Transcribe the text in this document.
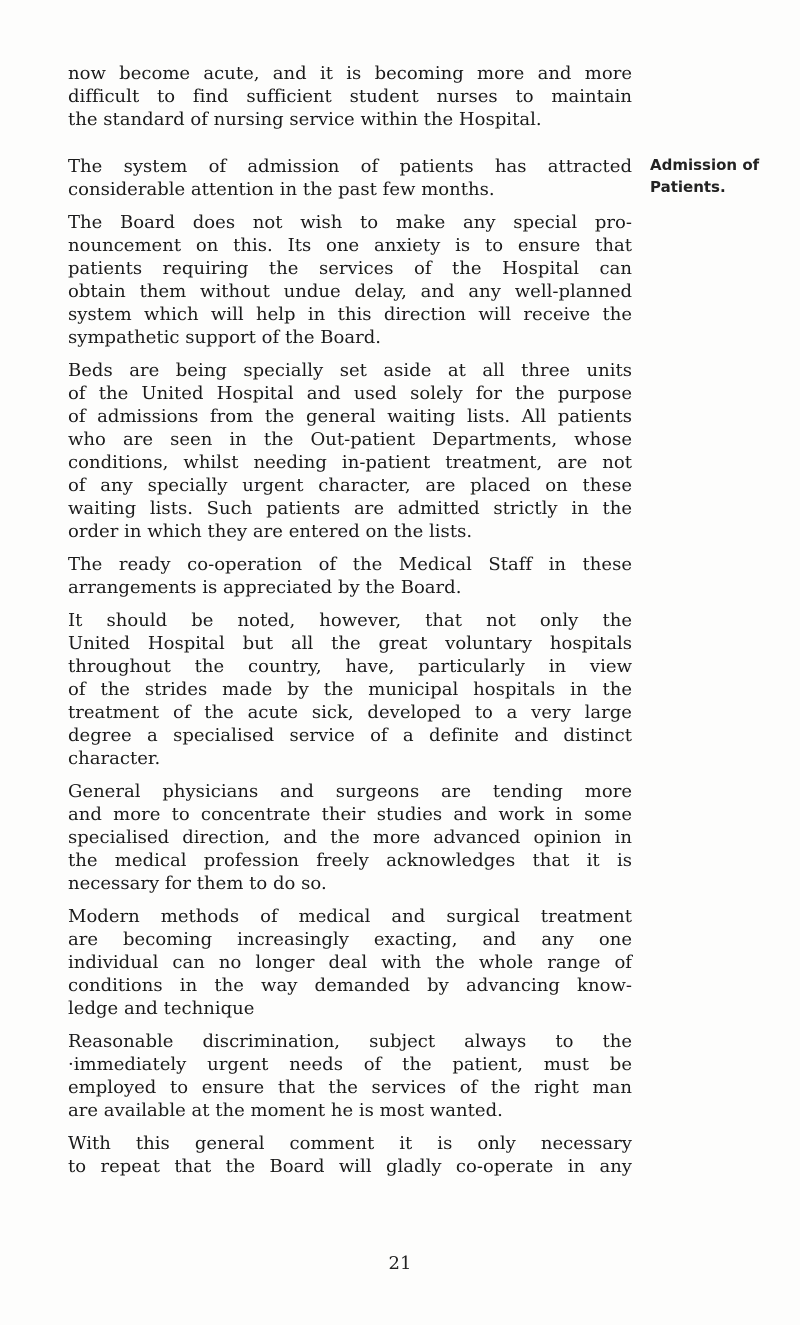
now become acute, and it is becoming more and more
difficult to find sufficient student nurses to maintain
the standard of nursing service within the Hospital.
The system of admission of patients has attracted
considerable attention in the past few months.
The Board does not wish to make any special pro-
nouncement on this. Its one anxiety is to ensure that
patients requiring the services of the Hospital can
obtain them without undue delay, and any well-planned
system which will help in this direction will receive the
sympathetic support of the Board.
Beds are being specially set aside at all three units
of the United Hospital and used solely for the purpose
of admissions from the general waiting lists. All patients
who are seen in the Out-patient Departments, whose
conditions, whilst needing in-patient treatment, are not
of any specially urgent character, are placed on these
waiting lists. Such patients are admitted strictly in the
order in which they are entered on the lists.
The ready co-operation of the Medical Staff in these
arrangements is appreciated by the Board.
It should be noted, however, that not only the
United Hospital but all the great voluntary hospitals
throughout the country, have, particularly in view
of the strides made by the municipal hospitals in the
treatment of the acute sick, developed to a very large
degree a specialised service of a definite and distinct
character.
General physicians and surgeons are tending more
and more to concentrate their studies and work in some
specialised direction, and the more advanced opinion in
the medical profession freely acknowledges that it is
necessary for them to do so.
Modern methods of medical and surgical treatment
are becoming increasingly exacting, and any one
individual can no longer deal with the whole range of
conditions in the way demanded by advancing know-
ledge and technique
Reasonable discrimination, subject always to the
·immediately urgent needs of the patient, must be
employed to ensure that the services of the right man
are available at the moment he is most wanted.
With this general comment it is only necessary
to repeat that the Board will gladly co-operate in any
Admission of
Patients.
21
